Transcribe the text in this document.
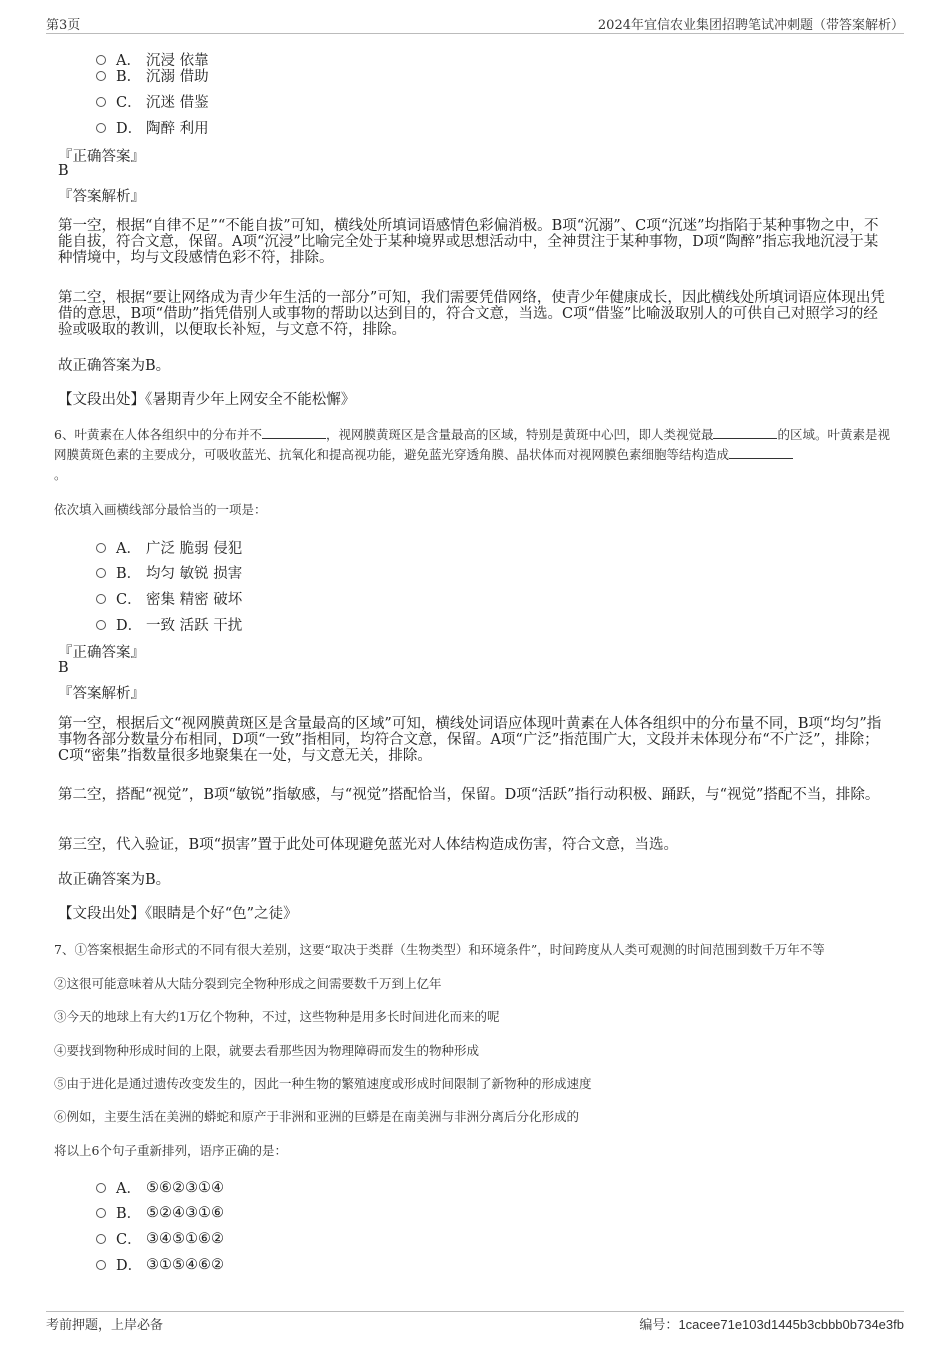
第3页	2024年宜信农业集团招聘笔试冲刺题（带答案解析）
A． 沉浸 依靠
B． 沉溺 借助
C． 沉迷 借鉴
D． 陶醉 利用
『正确答案』
B
『答案解析』

第一空，根据“自律不足”“不能自拔”可知，横线处所填词语感情色彩偏消极。B项“沉溺”、C项“沉迷”均指陷于某种事物之中，不能自拔，符合文意，保留。A项“沉浸”比喻完全处于某种境界或思想活动中，全神贯注于某种事物，D项“陶醉”指忘我地沉浸于某种情境中，均与文段感情色彩不符，排除。

第二空，根据“要让网络成为青少年生活的一部分”可知，我们需要凭借网络，使青少年健康成长，因此横线处所填词语应体现出凭借的意思，B项“借助”指凭借别人或事物的帮助以达到目的，符合文意，当选。C项“借鉴”比喻汲取别人的可供自己对照学习的经验或吸取的教训，以便取长补短，与文意不符，排除。

故正确答案为B。

【文段出处】《暑期青少年上网安全不能松懈》

6、叶黄素在人体各组织中的分布并不	，视网膜黄斑区是含量最高的区域，特别是黄斑中心凹，即人类视觉最	的区域。叶黄素是视网膜黄斑色素的主要成分，可吸收蓝光、抗氧化和提高视功能，避免蓝光穿透角膜、晶状体而对视网膜色素细胞等结构造成
。

依次填入画横线部分最恰当的一项是：
A． 广泛 脆弱 侵犯
B． 均匀 敏锐 损害
C． 密集 精密 破坏
D． 一致 活跃 干扰
『正确答案』
B
『答案解析』

第一空，根据后文“视网膜黄斑区是含量最高的区域”可知，横线处词语应体现叶黄素在人体各组织中的分布量不同，B项“均匀”指事物各部分数量分布相同，D项“一致”指相同，均符合文意，保留。A项“广泛”指范围广大，文段并未体现分布“不广泛”，排除；C项“密集”指数量很多地聚集在一处，与文意无关，排除。

第二空，搭配“视觉”，B项“敏锐”指敏感，与“视觉”搭配恰当，保留。D项“活跃”指行动积极、踊跃，与“视觉”搭配不当，排除。

第三空，代入验证，B项“损害”置于此处可体现避免蓝光对人体结构造成伤害，符合文意，当选。

故正确答案为B。

【文段出处】《眼睛是个好“色”之徒》

7、①答案根据生命形式的不同有很大差别，这要“取决于类群（生物类型）和环境条件”，时间跨度从人类可观测的时间范围到数千万年不等
②这很可能意味着从大陆分裂到完全物种形成之间需要数千万到上亿年
③今天的地球上有大约1万亿个物种，不过，这些物种是用多长时间进化而来的呢
④要找到物种形成时间的上限，就要去看那些因为物理障碍而发生的物种形成
⑤由于进化是通过遗传改变发生的，因此一种生物的繁殖速度或形成时间限制了新物种的形成速度
⑥例如，主要生活在美洲的蟒蛇和原产于非洲和亚洲的巨蟒是在南美洲与非洲分离后分化形成的
将以上6个句子重新排列，语序正确的是：
A． ⑤⑥②③①④
B． ⑤②④③①⑥
C． ③④⑤①⑥②
D． ③①⑤④⑥②
考前押题，上岸必备	编号：1cacee71e103d1445b3cbbb0b734e3fb
